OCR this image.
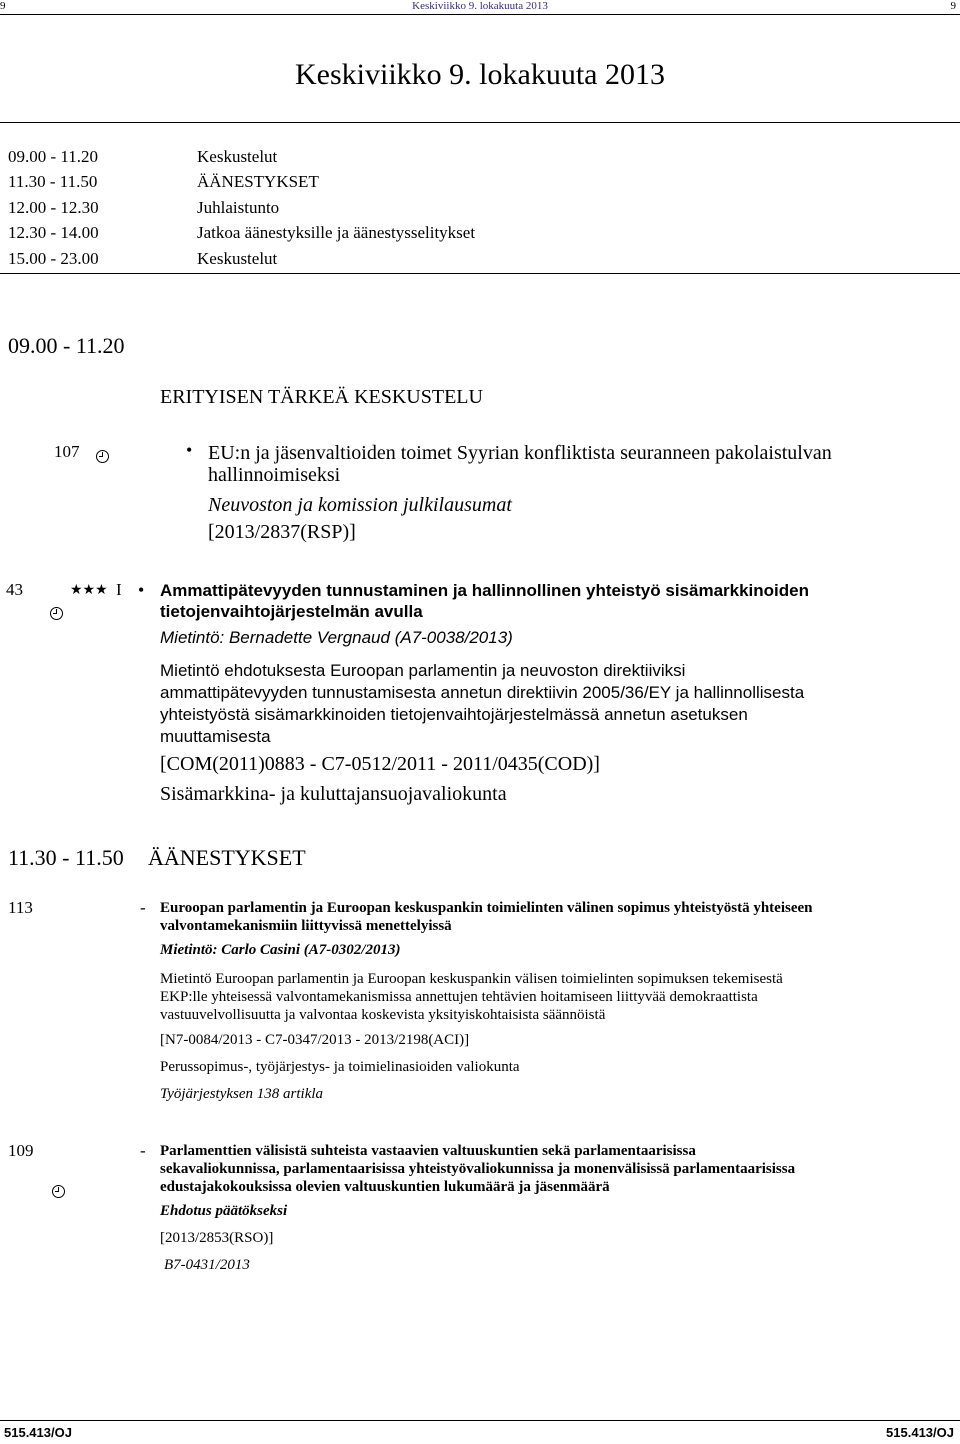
9	Keskiviikko 9. lokakuuta 2013	9
Keskiviikko 9. lokakuuta 2013
09.00 - 11.20	Keskustelut
11.30 - 11.50	ÄÄNESTYKSET
12.00 - 12.30	Juhlaistunto
12.30 - 14.00	Jatkoa äänestyksille ja äänestysselitykset
15.00 - 23.00	Keskustelut
09.00 - 11.20
ERITYISEN TÄRKEÄ KESKUSTELU
107	• EU:n ja jäsenvaltioiden toimet Syyrian konfliktista seuranneen pakolaistulvan
hallinnoimiseksi
Neuvoston ja komission julkilausumat
[2013/2837(RSP)]
43	★★★ I • Ammattipätevyyden tunnustaminen ja hallinnollinen yhteistyö sisämarkkinoiden
tietojenvaihtojärjestelmän avulla
Mietintö: Bernadette Vergnaud (A7-0038/2013)
Mietintö ehdotuksesta Euroopan parlamentin ja neuvoston direktiiviksi
ammattipätevyyden tunnustamisesta annetun direktiivin 2005/36/EY ja hallinnollisesta
yhteistyöstä sisämarkkinoiden tietojenvaihtojärjestelmässä annetun asetuksen
muuttamisesta
[COM(2011)0883 - C7-0512/2011 - 2011/0435(COD)]
Sisämarkkina- ja kuluttajansuojavaliokunta
11.30 - 11.50 ÄÄNESTYKSET
113	- Euroopan parlamentin ja Euroopan keskuspankin toimielinten välinen sopimus yhteistyöstä yhteiseen
valvontamekanismiin liittyvissä menettelyissä
Mietintö: Carlo Casini (A7-0302/2013)
Mietintö Euroopan parlamentin ja Euroopan keskuspankin välisen toimielinten sopimuksen tekemisestä
EKP:lle yhteisessä valvontamekanismissa annettujen tehtävien hoitamiseen liittyvää demokraattista
vastuuvelvollisuutta ja valvontaa koskevista yksityiskohtaisista säännöistä
[N7-0084/2013 - C7-0347/2013 - 2013/2198(ACI)]
Perussopimus-, työjärjestys- ja toimielinasioiden valiokunta
Työjärjestyksen 138 artikla
109	- Parlamenttien välisistä suhteista vastaavien valtuuskuntien sekä parlamentaarisissa
sekavaliokunnissa, parlamentaarisissa yhteistyövaliokunnissa ja monenvälisissä parlamentaarisissa
edustajakokouksissa olevien valtuuskuntien lukumäärä ja jäsenmäärä
Ehdotus päätökseksi
[2013/2853(RSO)]
B7-0431/2013
515.413/OJ	515.413/OJ
